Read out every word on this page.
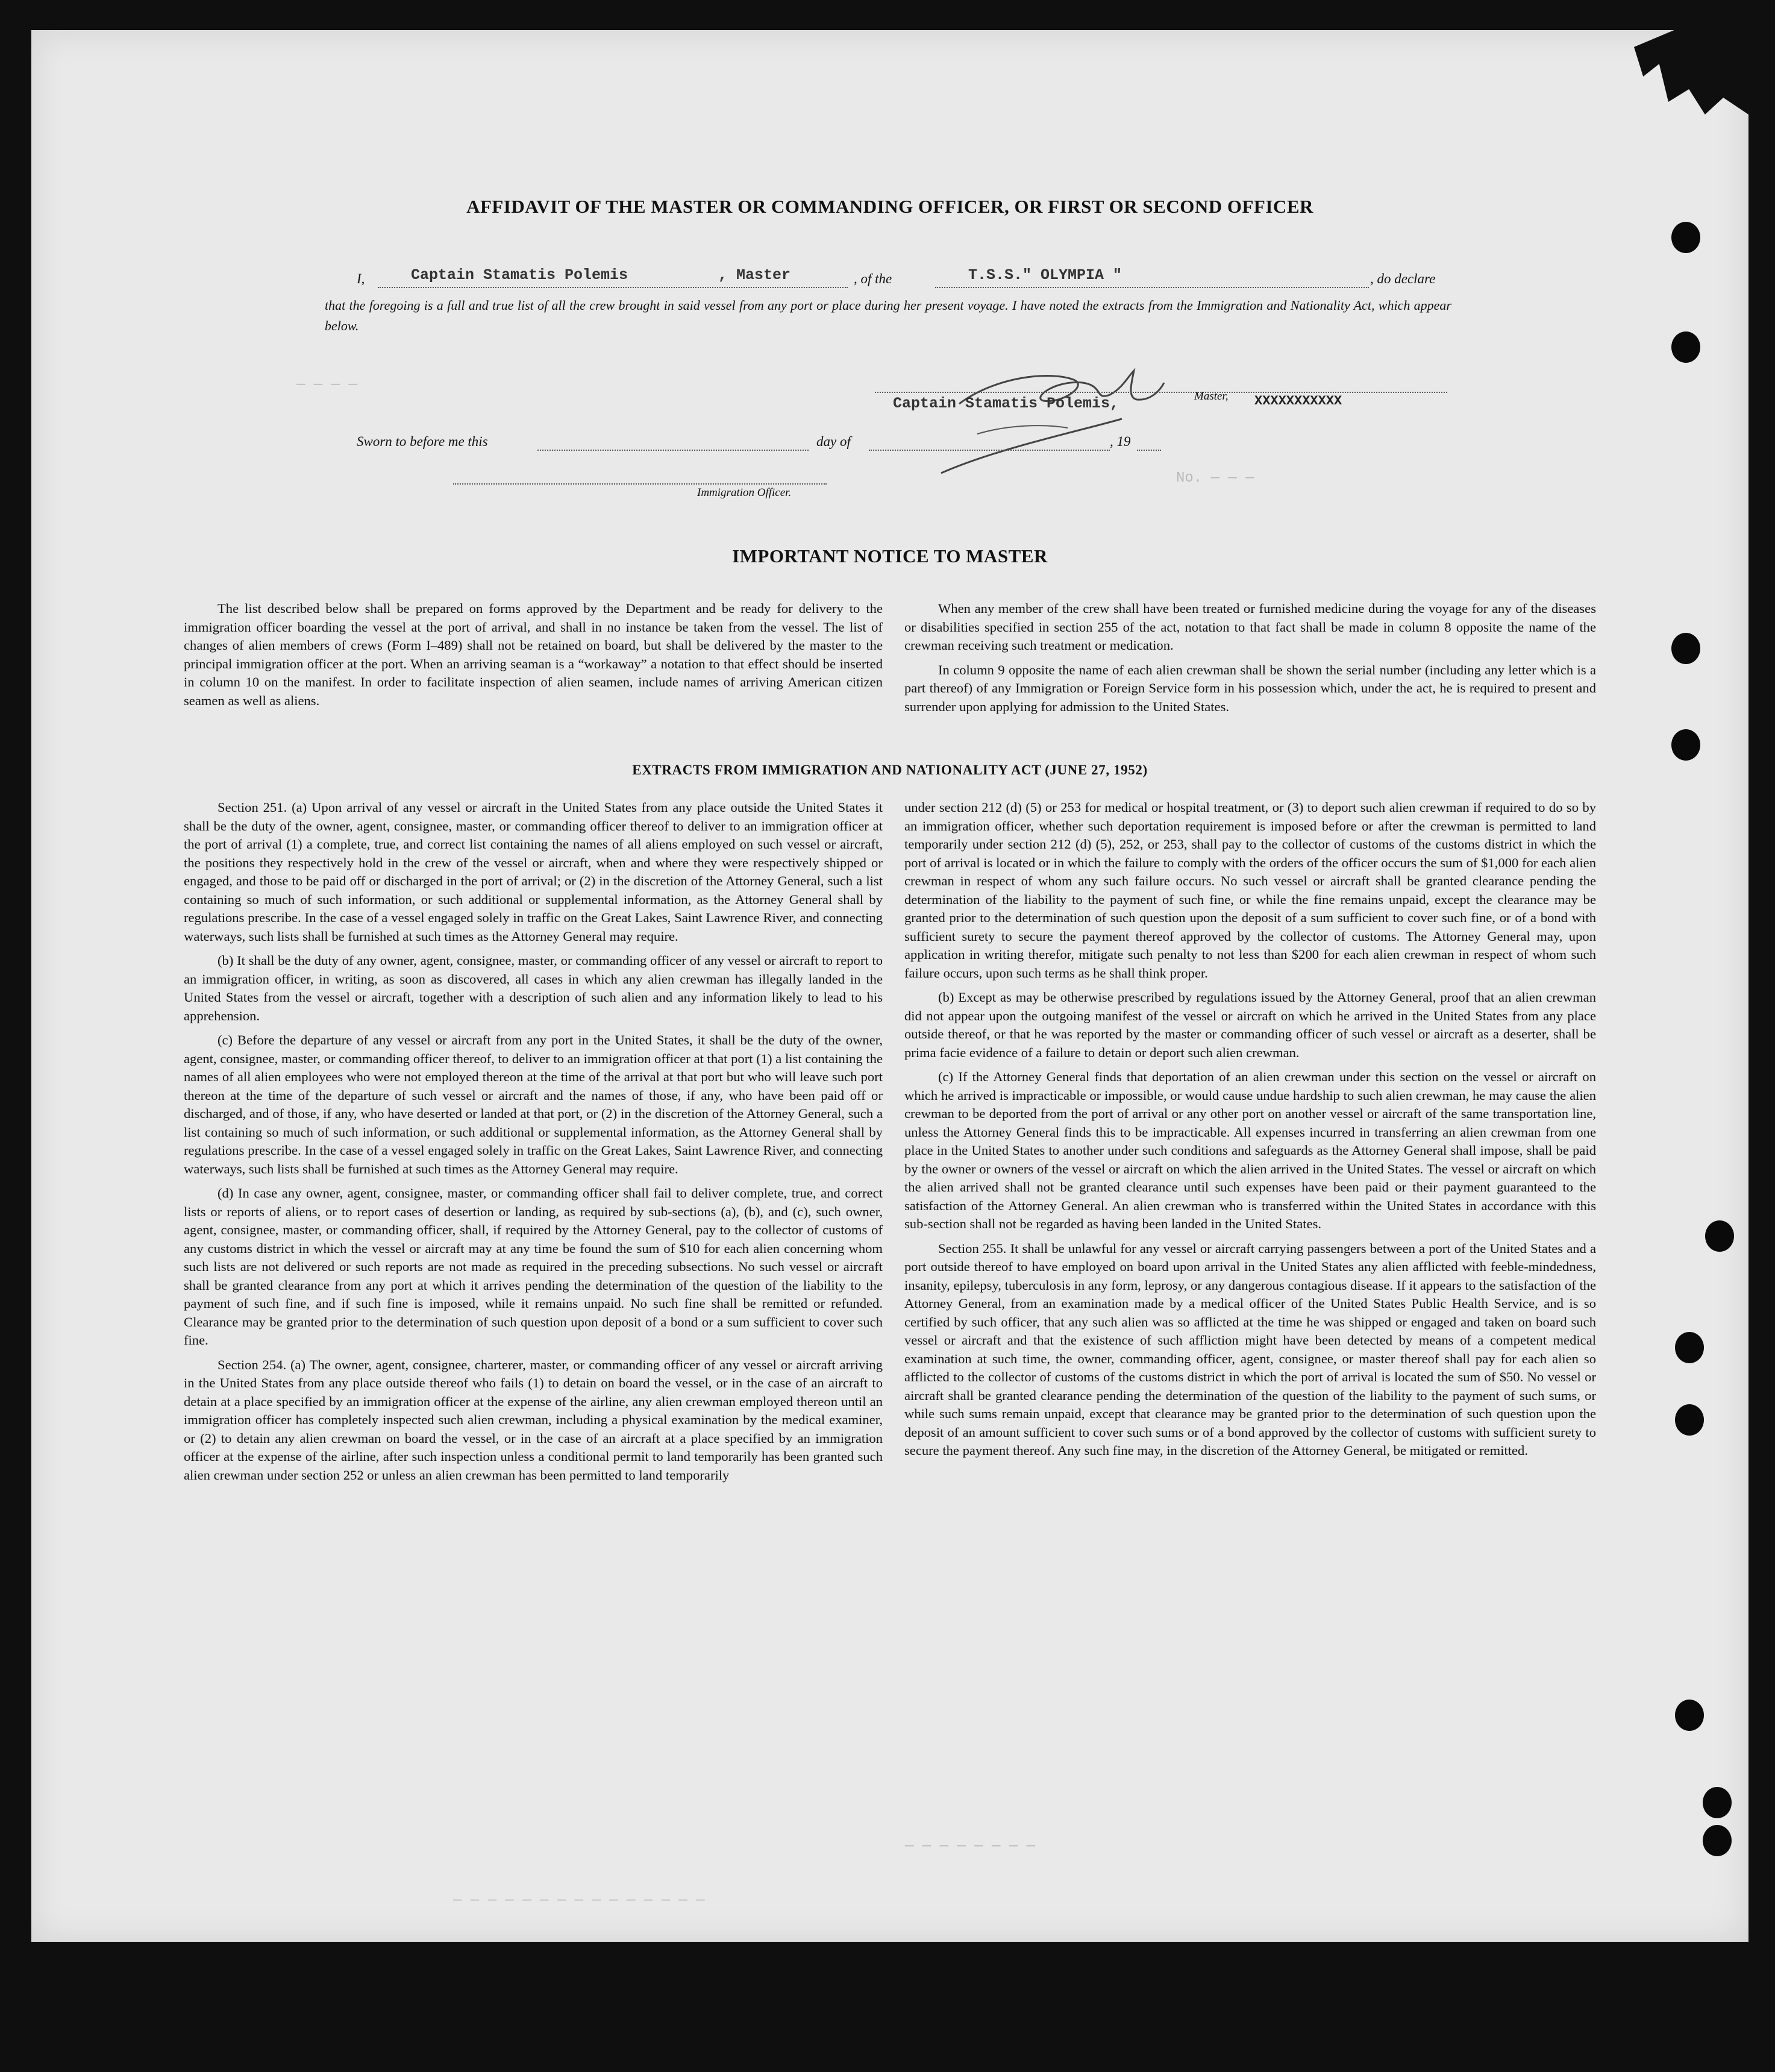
— — — —
No. — — —
— — — — — — — —
— — — — — — — — — — — — — — —
AFFIDAVIT OF THE MASTER OR COMMANDING OFFICER, OR FIRST OR SECOND OFFICER
I,	Captain Stamatis Polemis	, Master	, of the	T.S.S." OLYMPIA "	, do declare
that the foregoing is a full and true list of all the crew brought in said vessel from any port or place during her present voyage. I have noted the extracts from the Immigration and Nationality Act, which appear below.
Captain Stamatis Polemis,	Master, XXXXXXXXXXX
Sworn to before me this	day of	, 19
Immigration Officer.
IMPORTANT NOTICE TO MASTER

The list described below shall be prepared on forms approved by the Department and be ready for delivery to the immigration officer boarding the vessel at the port of arrival, and shall in no instance be taken from the vessel. The list of changes of alien members of crews (Form I–489) shall not be retained on board, but shall be delivered by the master to the principal immigration officer at the port. When an arriving seaman is a “workaway” a notation to that effect should be inserted in column 10 on the manifest. In order to facilitate inspection of alien seamen, include names of arriving American citizen seamen as well as aliens.

When any member of the crew shall have been treated or furnished medicine during the voyage for any of the diseases or disabilities specified in section 255 of the act, notation to that fact shall be made in column 8 opposite the name of the crewman receiving such treatment or medication.

In column 9 opposite the name of each alien crewman shall be shown the serial number (including any letter which is a part thereof) of any Immigration or Foreign Service form in his possession which, under the act, he is required to present and surrender upon applying for admission to the United States.

EXTRACTS FROM IMMIGRATION AND NATIONALITY ACT (JUNE 27, 1952)

Section 251. (a) Upon arrival of any vessel or aircraft in the United States from any place outside the United States it shall be the duty of the owner, agent, consignee, master, or commanding officer thereof to deliver to an immigration officer at the port of arrival (1) a complete, true, and correct list containing the names of all aliens employed on such vessel or aircraft, the positions they respectively hold in the crew of the vessel or aircraft, when and where they were respectively shipped or engaged, and those to be paid off or discharged in the port of arrival; or (2) in the discretion of the Attorney General, such a list containing so much of such information, or such additional or supplemental information, as the Attorney General shall by regulations prescribe. In the case of a vessel engaged solely in traffic on the Great Lakes, Saint Lawrence River, and connecting waterways, such lists shall be furnished at such times as the Attorney General may require.

(b) It shall be the duty of any owner, agent, consignee, master, or commanding officer of any vessel or aircraft to report to an immigration officer, in writing, as soon as discovered, all cases in which any alien crewman has illegally landed in the United States from the vessel or aircraft, together with a description of such alien and any information likely to lead to his apprehension.

(c) Before the departure of any vessel or aircraft from any port in the United States, it shall be the duty of the owner, agent, consignee, master, or commanding officer thereof, to deliver to an immigration officer at that port (1) a list containing the names of all alien employees who were not employed thereon at the time of the arrival at that port but who will leave such port thereon at the time of the departure of such vessel or aircraft and the names of those, if any, who have been paid off or discharged, and of those, if any, who have deserted or landed at that port, or (2) in the discretion of the Attorney General, such a list containing so much of such information, or such additional or supplemental information, as the Attorney General shall by regulations prescribe. In the case of a vessel engaged solely in traffic on the Great Lakes, Saint Lawrence River, and connecting waterways, such lists shall be furnished at such times as the Attorney General may require.

(d) In case any owner, agent, consignee, master, or commanding officer shall fail to deliver complete, true, and correct lists or reports of aliens, or to report cases of desertion or landing, as required by sub-sections (a), (b), and (c), such owner, agent, consignee, master, or commanding officer, shall, if required by the Attorney General, pay to the collector of customs of any customs district in which the vessel or aircraft may at any time be found the sum of $10 for each alien concerning whom such lists are not delivered or such reports are not made as required in the preceding subsections. No such vessel or aircraft shall be granted clearance from any port at which it arrives pending the determination of the question of the liability to the payment of such fine, and if such fine is imposed, while it remains unpaid. No such fine shall be remitted or refunded. Clearance may be granted prior to the determination of such question upon deposit of a bond or a sum sufficient to cover such fine.

Section 254. (a) The owner, agent, consignee, charterer, master, or commanding officer of any vessel or aircraft arriving in the United States from any place outside thereof who fails (1) to detain on board the vessel, or in the case of an aircraft to detain at a place specified by an immigration officer at the expense of the airline, any alien crewman employed thereon until an immigration officer has completely inspected such alien crewman, including a physical examination by the medical examiner, or (2) to detain any alien crewman on board the vessel, or in the case of an aircraft at a place specified by an immigration officer at the expense of the airline, after such inspection unless a conditional permit to land temporarily has been granted such alien crewman under section 252 or unless an alien crewman has been permitted to land temporarily

under section 212 (d) (5) or 253 for medical or hospital treatment, or (3) to deport such alien crewman if required to do so by an immigration officer, whether such deportation requirement is imposed before or after the crewman is permitted to land temporarily under section 212 (d) (5), 252, or 253, shall pay to the collector of customs of the customs district in which the port of arrival is located or in which the failure to comply with the orders of the officer occurs the sum of $1,000 for each alien crewman in respect of whom any such failure occurs. No such vessel or aircraft shall be granted clearance pending the determination of the liability to the payment of such fine, or while the fine remains unpaid, except the clearance may be granted prior to the determination of such question upon the deposit of a sum sufficient to cover such fine, or of a bond with sufficient surety to secure the payment thereof approved by the collector of customs. The Attorney General may, upon application in writing therefor, mitigate such penalty to not less than $200 for each alien crewman in respect of whom such failure occurs, upon such terms as he shall think proper.

(b) Except as may be otherwise prescribed by regulations issued by the Attorney General, proof that an alien crewman did not appear upon the outgoing manifest of the vessel or aircraft on which he arrived in the United States from any place outside thereof, or that he was reported by the master or commanding officer of such vessel or aircraft as a deserter, shall be prima facie evidence of a failure to detain or deport such alien crewman.

(c) If the Attorney General finds that deportation of an alien crewman under this section on the vessel or aircraft on which he arrived is impracticable or impossible, or would cause undue hardship to such alien crewman, he may cause the alien crewman to be deported from the port of arrival or any other port on another vessel or aircraft of the same transportation line, unless the Attorney General finds this to be impracticable. All expenses incurred in transferring an alien crewman from one place in the United States to another under such conditions and safeguards as the Attorney General shall impose, shall be paid by the owner or owners of the vessel or aircraft on which the alien arrived in the United States. The vessel or aircraft on which the alien arrived shall not be granted clearance until such expenses have been paid or their payment guaranteed to the satisfaction of the Attorney General. An alien crewman who is transferred within the United States in accordance with this sub-section shall not be regarded as having been landed in the United States.

Section 255. It shall be unlawful for any vessel or aircraft carrying passengers between a port of the United States and a port outside thereof to have employed on board upon arrival in the United States any alien afflicted with feeble-mindedness, insanity, epilepsy, tuberculosis in any form, leprosy, or any dangerous contagious disease. If it appears to the satisfaction of the Attorney General, from an examination made by a medical officer of the United States Public Health Service, and is so certified by such officer, that any such alien was so afflicted at the time he was shipped or engaged and taken on board such vessel or aircraft and that the existence of such affliction might have been detected by means of a competent medical examination at such time, the owner, commanding officer, agent, consignee, or master thereof shall pay for each alien so afflicted to the collector of customs of the customs district in which the port of arrival is located the sum of $50. No vessel or aircraft shall be granted clearance pending the determination of the question of the liability to the payment of such sums, or while such sums remain unpaid, except that clearance may be granted prior to the determination of such question upon the deposit of an amount sufficient to cover such sums or of a bond approved by the collector of customs with sufficient surety to secure the payment thereof. Any such fine may, in the discretion of the Attorney General, be mitigated or remitted.
